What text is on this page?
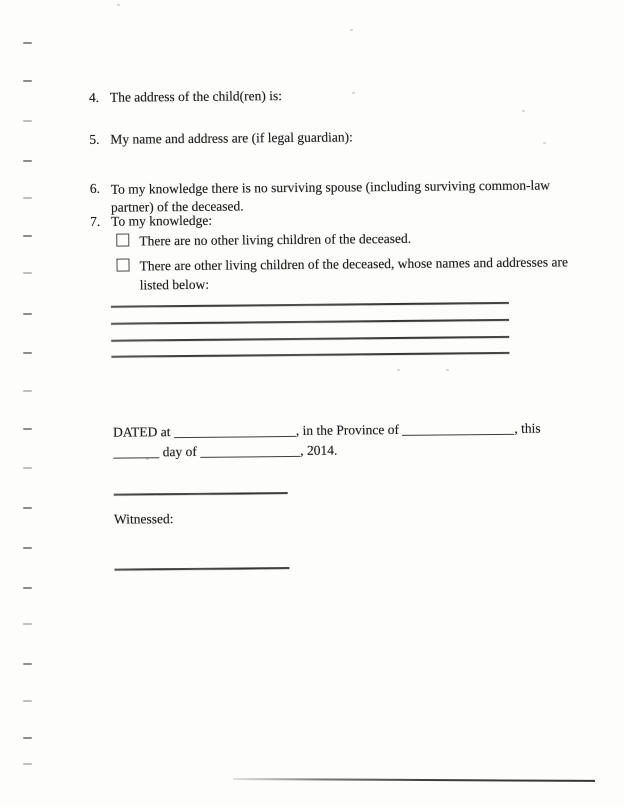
4. The address of the child(ren) is:
5. My name and address are (if legal guardian):
6. To my knowledge there is no surviving spouse (including surviving common-law
partner) of the deceased.
7. To my knowledge:
There are no other living children of the deceased.
There are other living children of the deceased, whose names and addresses are
listed below:
DATED at	, in the Province of	, this
day of	, 2014.
Witnessed:
